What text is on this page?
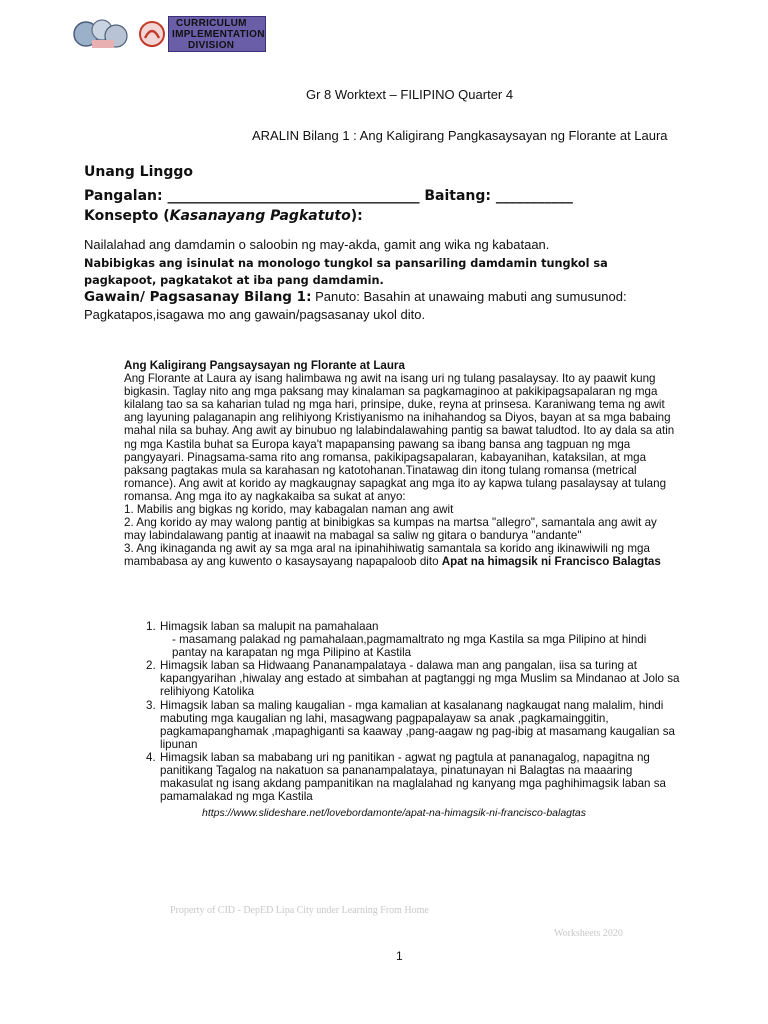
CURRICULUM
IMPLEMENTATION
DIVISION
Gr 8 Worktext – FILIPINO Quarter 4
ARALIN Bilang 1 : Ang Kaligirang Pangkasaysayan ng Florante at Laura
Unang Linggo
Pangalan: ____________________________________ Baitang: ___________
Konsepto (Kasanayang Pagkatuto):
Nailalahad ang damdamin o saloobin ng may-akda, gamit ang wika ng kabataan.
Nabibigkas ang isinulat na monologo tungkol sa pansariling damdamin tungkol sa pagkapoot, pagkatakot at iba pang damdamin.
Gawain/ Pagsasanay Bilang 1: Panuto: Basahin at unawaing mabuti ang sumusunod: Pagkatapos,isagawa mo ang gawain/pagsasanay ukol dito.

Ang Kaligirang Pangsaysayan ng Florante at Laura

Ang Florante at Laura ay isang halimbawa ng awit na isang uri ng tulang pasalaysay. Ito ay paawit kung bigkasin. Taglay nito ang mga paksang may kinalaman sa pagkamaginoo at pakikipagsapalaran ng mga kilalang tao sa sa kaharian tulad ng mga hari, prinsipe, duke, reyna at prinsesa. Karaniwang tema ng awit ang layuning palaganapin ang relihiyong Kristiyanismo na inihahandog sa Diyos, bayan at sa mga babaing mahal nila sa buhay. Ang awit ay binubuo ng lalabindalawahing pantig sa bawat taludtod. Ito ay dala sa atin ng mga Kastila buhat sa Europa kaya't mapapansing pawang sa ibang bansa ang tagpuan ng mga pangyayari. Pinagsama-sama rito ang romansa, pakikipagsapalaran, kabayanihan, kataksilan, at mga paksang pagtakas mula sa karahasan ng katotohanan.Tinatawag din itong tulang romansa (metrical romance). Ang awit at korido ay magkaugnay sapagkat ang mga ito ay kapwa tulang pasalaysay at tulang romansa. Ang mga ito ay nagkakaiba sa sukat at anyo:

1. Mabilis ang bigkas ng korido, may kabagalan naman ang awit

2. Ang korido ay may walong pantig at binibigkas sa kumpas na martsa "allegro", samantala ang awit ay may labindalawang pantig at inaawit na mabagal sa saliw ng gitara o bandurya "andante"

3. Ang ikinaganda ng awit ay sa mga aral na ipinahihiwatig samantala sa korido ang ikinawiwili ng mga mambabasa ay ang kuwento o kasaysayang napapaloob dito Apat na himagsik ni Francisco Balagtas

1. Himagsik laban sa malupit na pamahalaan
- masamang palakad ng pamahalaan,pagmamaltrato ng mga Kastila sa mga Pilipino at hindi pantay na karapatan ng mga Pilipino at Kastila
2. Himagsik laban sa Hidwaang Pananampalataya - dalawa man ang pangalan, iisa sa turing at kapangyarihan ,hiwalay ang estado at simbahan at pagtanggi ng mga Muslim sa Mindanao at Jolo sa relihiyong Katolika
3. Himagsik laban sa maling kaugalian - mga kamalian at kasalanang nagkaugat nang malalim, hindi mabuting mga kaugalian ng lahi, masagwang pagpapalayaw sa anak ,pagkamainggitin, pagkamapanghamak ,mapaghiganti sa kaaway ,pang-aagaw ng pag-ibig at masamang kaugalian sa lipunan
4. Himagsik laban sa mababang uri ng panitikan - agwat ng pagtula at pananagalog, napagitna ng panitikang Tagalog na nakatuon sa pananampalataya, pinatunayan ni Balagtas na maaaring makasulat ng isang akdang pampanitikan na maglalahad ng kanyang mga paghihimagsik laban sa pamamalakad ng mga Kastila
https://www.slideshare.net/lovebordamonte/apat-na-himagsik-ni-francisco-balagtas
Property of CID - DepED Lipa City under Learning From Home
Worksheets 2020
1
